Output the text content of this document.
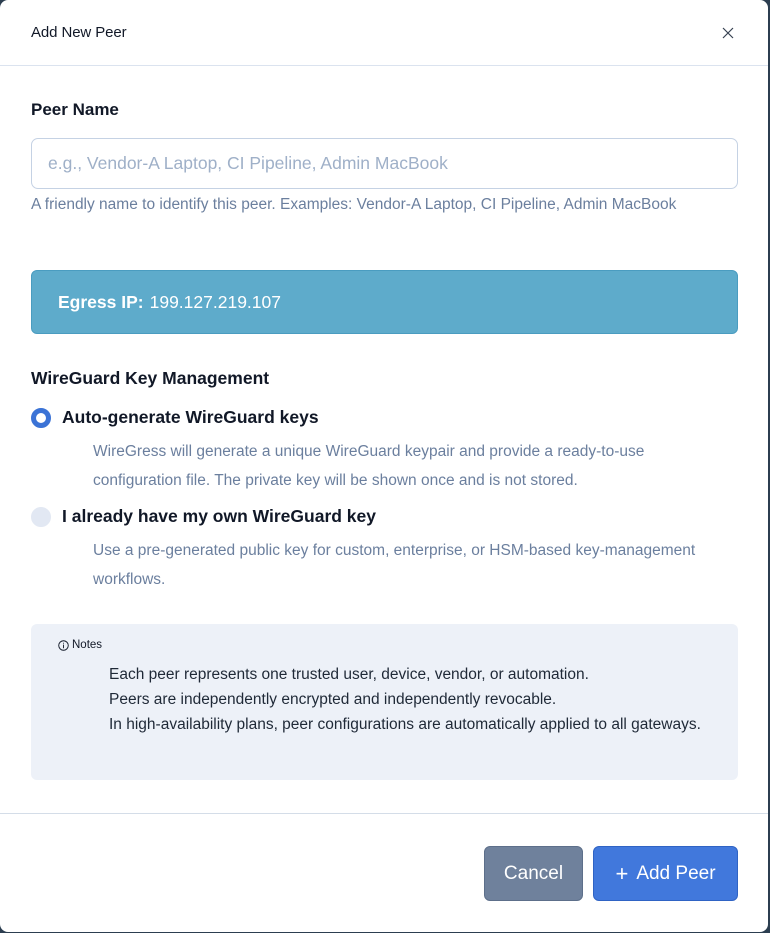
Add New Peer
Peer Name
e.g., Vendor-A Laptop, CI Pipeline, Admin MacBook
A friendly name to identify this peer. Examples: Vendor-A Laptop, CI Pipeline, Admin MacBook
Egress IP: 199.127.219.107
WireGuard Key Management
Auto-generate WireGuard keys
WireGress will generate a unique WireGuard keypair and provide a ready-to-use configuration file. The private key will be shown once and is not stored.
I already have my own WireGuard key
Use a pre-generated public key for custom, enterprise, or HSM-based key-management workflows.
Notes
Each peer represents one trusted user, device, vendor, or automation.
Peers are independently encrypted and independently revocable.
In high-availability plans, peer configurations are automatically applied to all gateways.
Cancel	+ Add Peer
